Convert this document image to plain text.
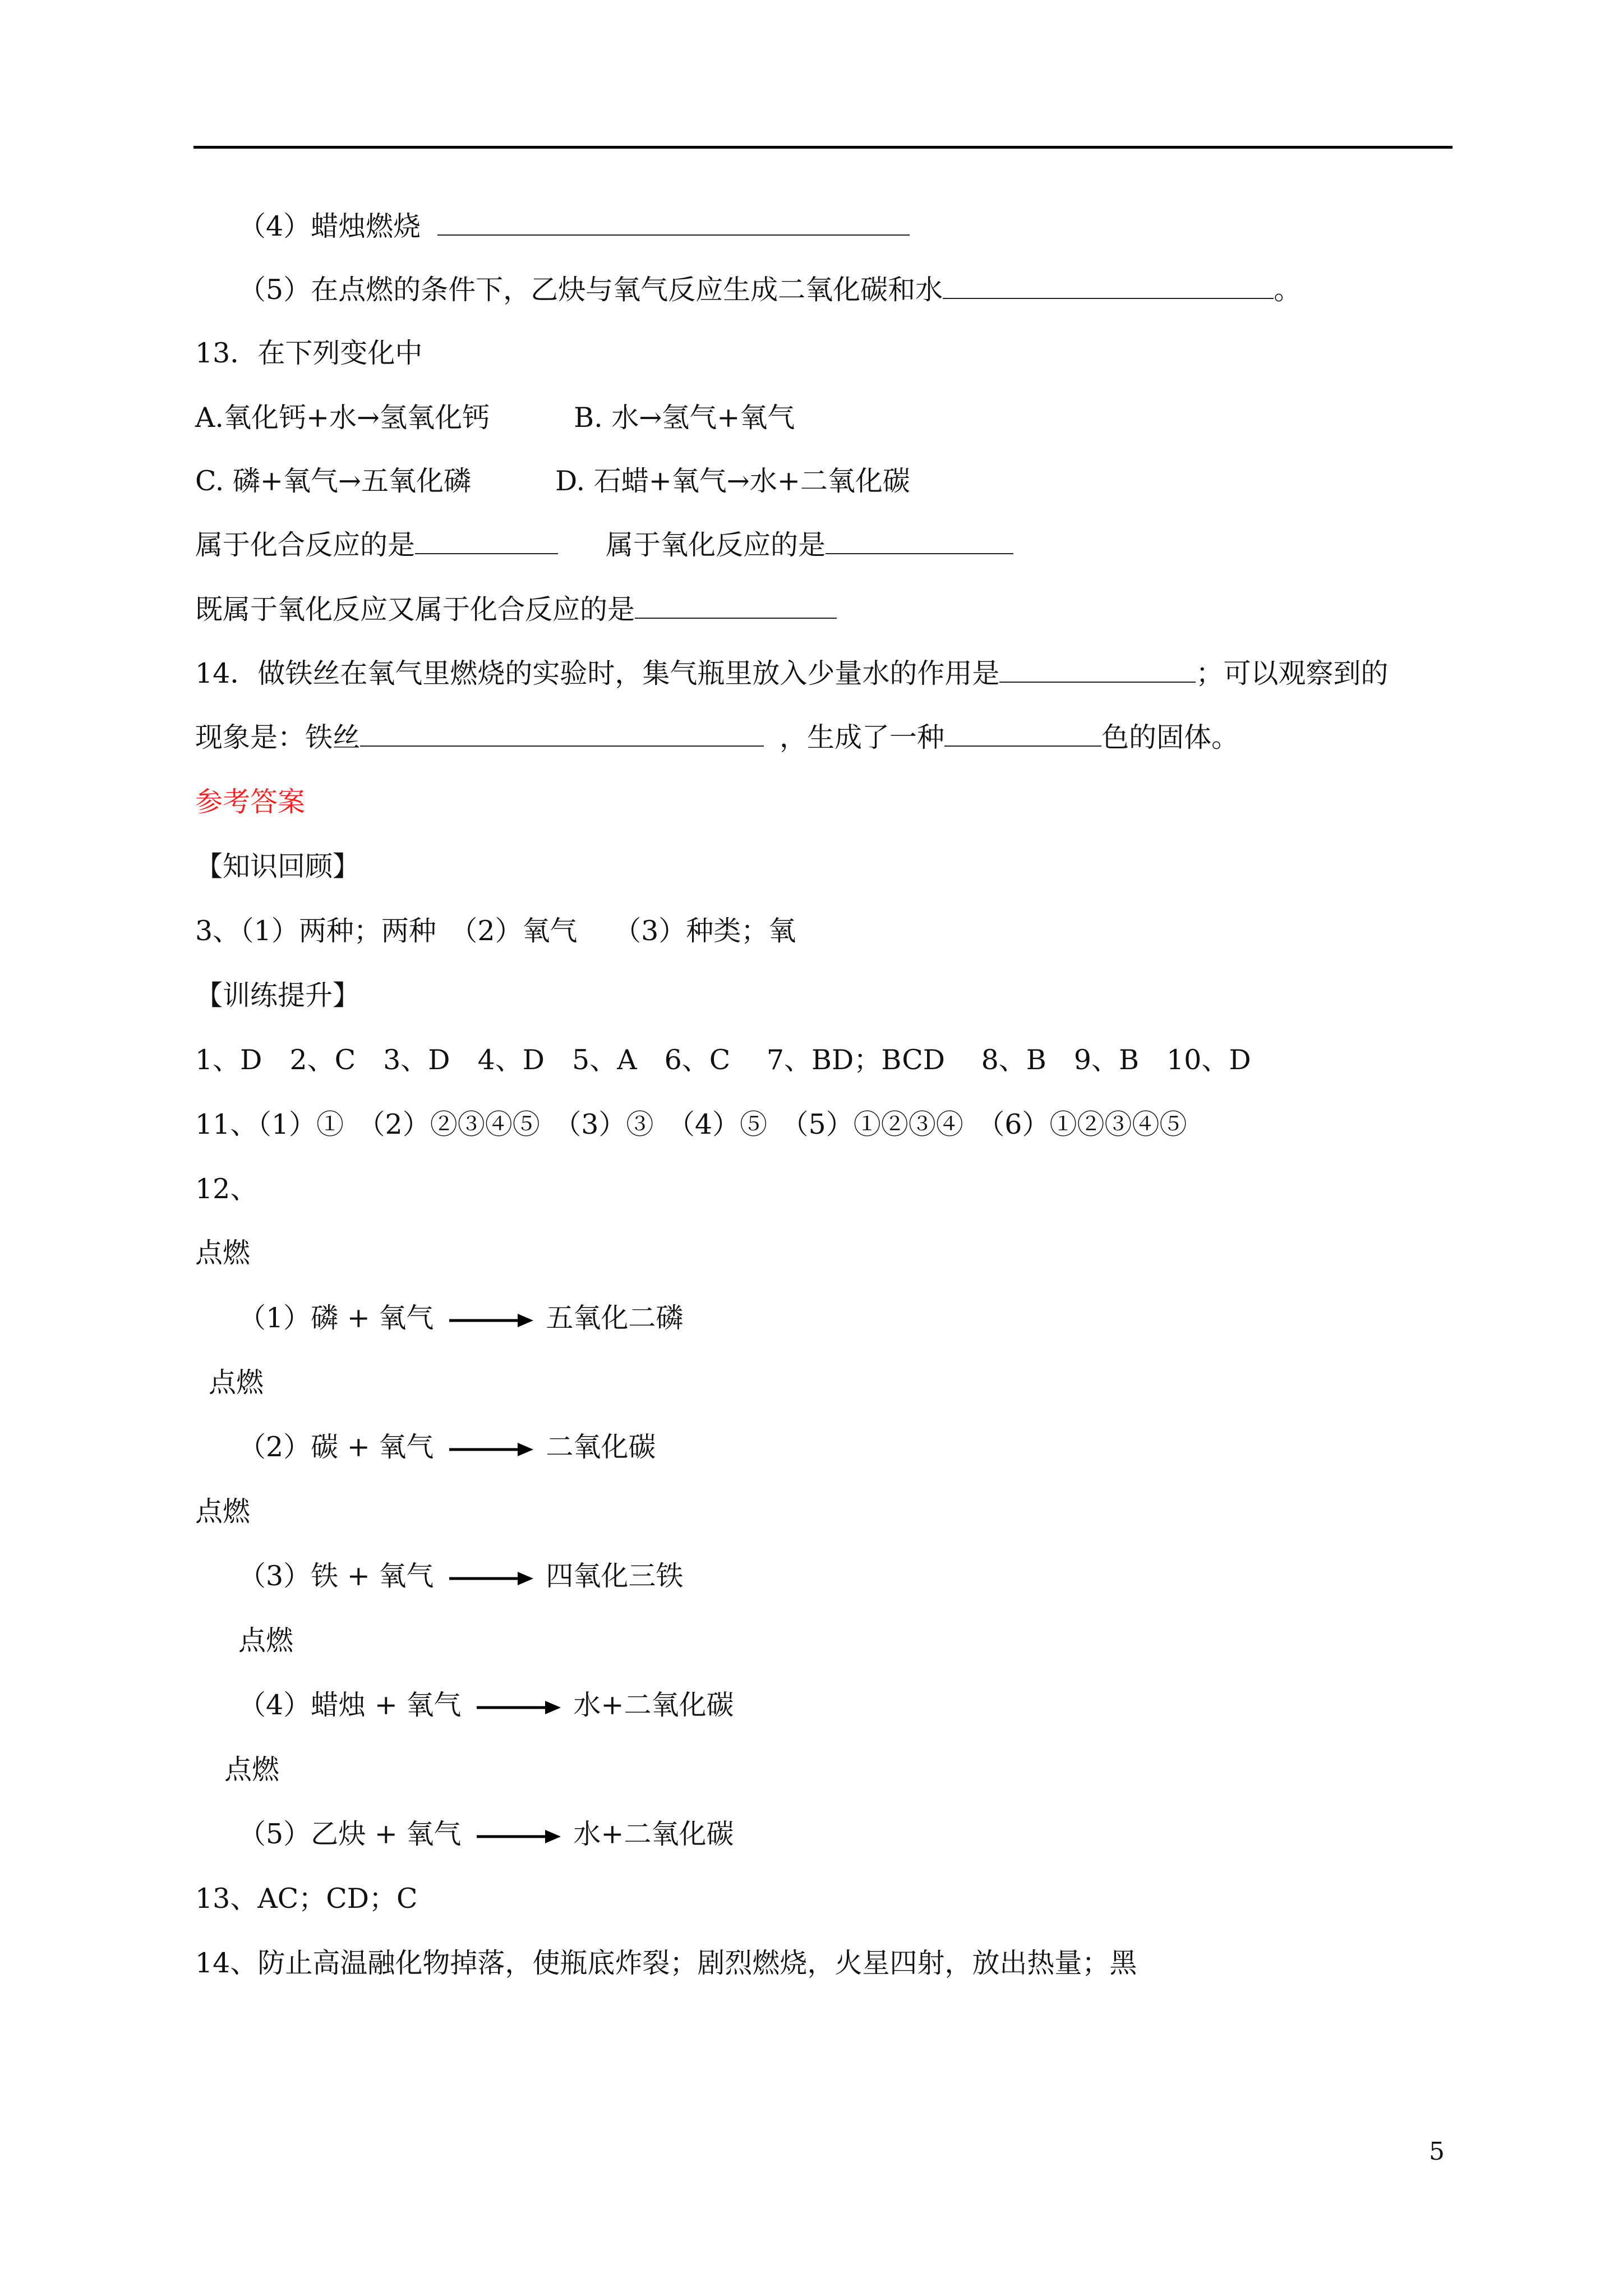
（4）蜡烛燃烧
（5）在点燃的条件下，乙炔与氧气反应生成二氧化碳和水	。
13．在下列变化中
A.氧化钙+水→氢氧化钙	B. 水→氢气+氧气
C. 磷+氧气→五氧化磷	D. 石蜡+氧气→水+二氧化碳
属于化合反应的是	属于氧化反应的是
既属于氧化反应又属于化合反应的是
14．做铁丝在氧气里燃烧的实验时，集气瓶里放入少量水的作用是	；可以观察到的
现象是：铁丝	，生成了一种	色的固体。
参考答案
【知识回顾】
3、（1）两种；两种　（2）氧气　 （3）种类；氧
【训练提升】
1、D　2、C　3、D　4、D　5、A　6、C　 7、BD；BCD　 8、B　9、B　10、D
11、（1）①　（2）②③④⑤　（3）③　（4）⑤　（5）①②③④　（6）①②③④⑤
12、
点燃
（1）磷 + 氧气 → 五氧化二磷
点燃
（2）碳 + 氧气 → 二氧化碳
点燃
（3）铁 + 氧气 → 四氧化三铁
点燃
（4）蜡烛 + 氧气 → 水+二氧化碳
点燃
（5）乙炔 + 氧气 → 水+二氧化碳
13、AC；CD；C
14、防止高温融化物掉落，使瓶底炸裂；剧烈燃烧，火星四射，放出热量；黑
5
